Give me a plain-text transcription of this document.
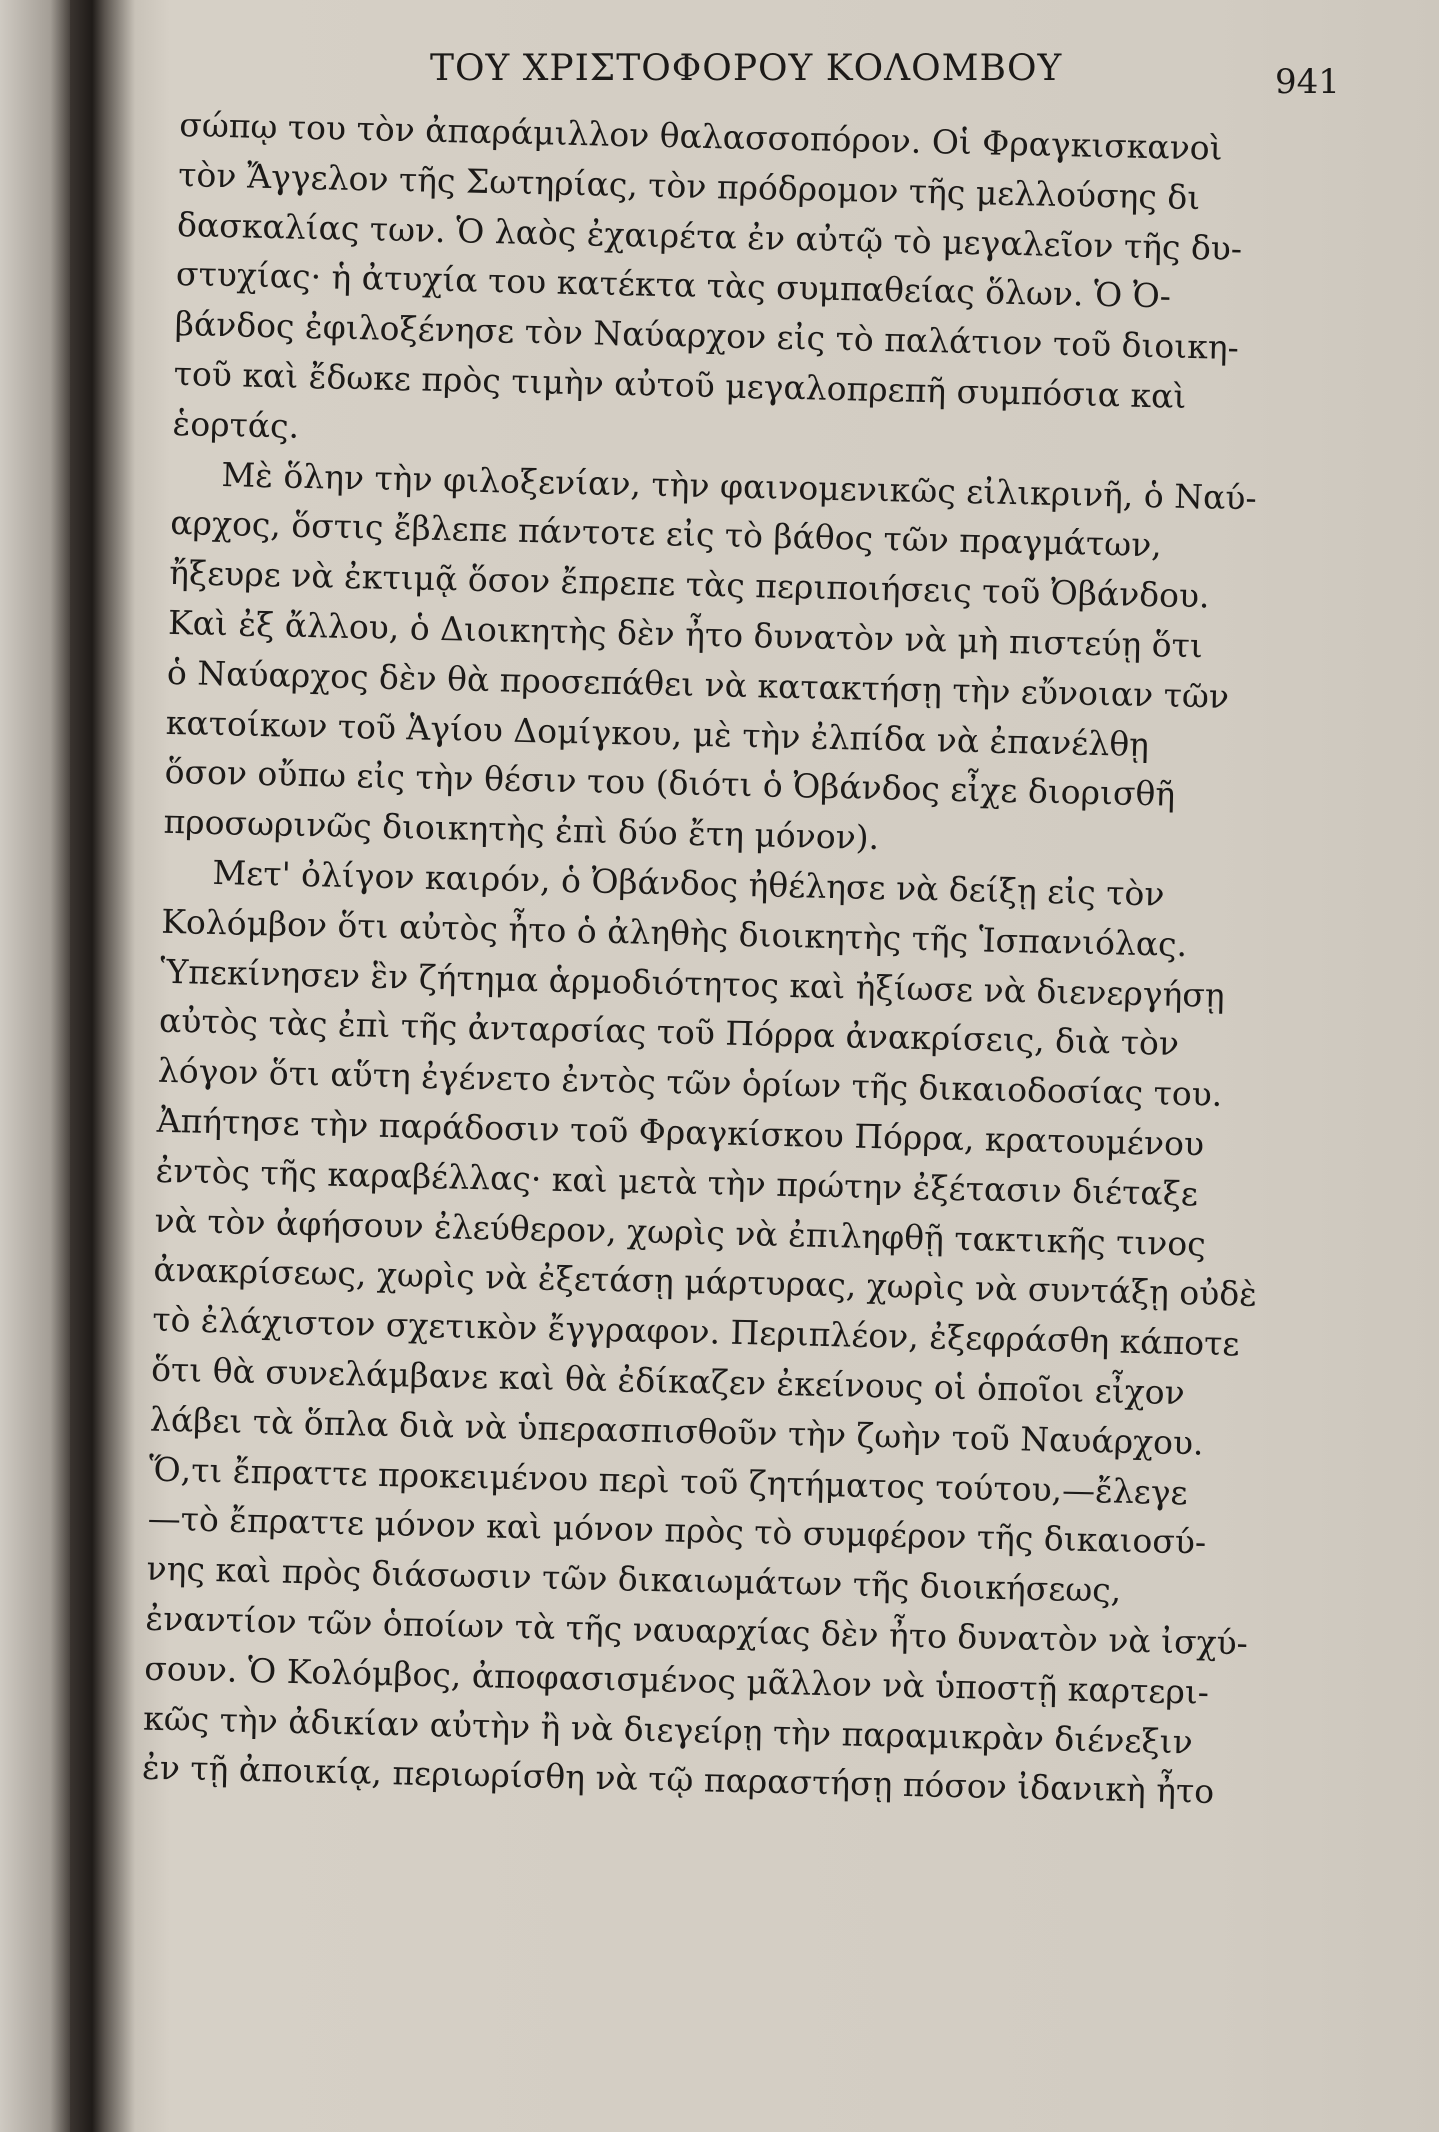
ΤΟΥ ΧΡΙΣΤΟΦΟΡΟΥ ΚΟΛΟΜΒΟΥ	941
σώπῳ του τὸν ἀπαράμιλλον θαλασσοπόρον. Οἱ Φραγκισκανοὶ
τὸν Ἄγγελον τῆς Σωτηρίας, τὸν πρόδρομον τῆς μελλούσης δι
δασκαλίας των. Ὁ λαὸς ἐχαιρέτα ἐν αὐτῷ τὸ μεγαλεῖον τῆς δυ-
στυχίας· ἡ ἀτυχία του κατέκτα τὰς συμπαθείας ὅλων. Ὁ Ὀ-
βάνδος ἐφιλοξένησε τὸν Ναύαρχον εἰς τὸ παλάτιον τοῦ διοικη-
τοῦ καὶ ἔδωκε πρὸς τιμὴν αὐτοῦ μεγαλοπρεπῆ συμπόσια καὶ
ἑορτάς.
Μὲ ὅλην τὴν φιλοξενίαν, τὴν φαινομενικῶς εἰλικρινῆ, ὁ Ναύ-
αρχος, ὅστις ἔβλεπε πάντοτε εἰς τὸ βάθος τῶν πραγμάτων,
ἤξευρε νὰ ἐκτιμᾷ ὅσον ἔπρεπε τὰς περιποιήσεις τοῦ Ὀβάνδου.
Καὶ ἐξ ἄλλου, ὁ Διοικητὴς δὲν ἦτο δυνατὸν νὰ μὴ πιστεύῃ ὅτι
ὁ Ναύαρχος δὲν θὰ προσεπάθει νὰ κατακτήσῃ τὴν εὔνοιαν τῶν
κατοίκων τοῦ Ἁγίου Δομίγκου, μὲ τὴν ἐλπίδα νὰ ἐπανέλθῃ
ὅσον οὔπω εἰς τὴν θέσιν του (διότι ὁ Ὀβάνδος εἶχε διορισθῆ
προσωρινῶς διοικητὴς ἐπὶ δύο ἔτη μόνον).
Μετ' ὀλίγον καιρόν, ὁ Ὀβάνδος ἠθέλησε νὰ δείξῃ εἰς τὸν
Κολόμβον ὅτι αὐτὸς ἦτο ὁ ἀληθὴς διοικητὴς τῆς Ἱσπανιόλας.
Ὑπεκίνησεν ἓν ζήτημα ἁρμοδιότητος καὶ ἠξίωσε νὰ διενεργήσῃ
αὐτὸς τὰς ἐπὶ τῆς ἀνταρσίας τοῦ Πόρρα ἀνακρίσεις, διὰ τὸν
λόγον ὅτι αὕτη ἐγένετο ἐντὸς τῶν ὁρίων τῆς δικαιοδοσίας του.
Ἀπήτησε τὴν παράδοσιν τοῦ Φραγκίσκου Πόρρα, κρατουμένου
ἐντὸς τῆς καραβέλλας· καὶ μετὰ τὴν πρώτην ἐξέτασιν διέταξε
νὰ τὸν ἀφήσουν ἐλεύθερον, χωρὶς νὰ ἐπιληφθῇ τακτικῆς τινος
ἀνακρίσεως, χωρὶς νὰ ἐξετάσῃ μάρτυρας, χωρὶς νὰ συντάξῃ οὐδὲ
τὸ ἐλάχιστον σχετικὸν ἔγγραφον. Περιπλέον, ἐξεφράσθη κάποτε
ὅτι θὰ συνελάμβανε καὶ θὰ ἐδίκαζεν ἐκείνους οἱ ὁποῖοι εἶχον
λάβει τὰ ὅπλα διὰ νὰ ὑπερασπισθοῦν τὴν ζωὴν τοῦ Ναυάρχου.
Ὅ,τι ἔπραττε προκειμένου περὶ τοῦ ζητήματος τούτου,—ἔλεγε
—τὸ ἔπραττε μόνον καὶ μόνον πρὸς τὸ συμφέρον τῆς δικαιοσύ-
νης καὶ πρὸς διάσωσιν τῶν δικαιωμάτων τῆς διοικήσεως,
ἐναντίον τῶν ὁποίων τὰ τῆς ναυαρχίας δὲν ἦτο δυνατὸν νὰ ἰσχύ-
σουν. Ὁ Κολόμβος, ἀποφασισμένος μᾶλλον νὰ ὑποστῇ καρτερι-
κῶς τὴν ἀδικίαν αὐτὴν ἢ νὰ διεγείρῃ τὴν παραμικρὰν διένεξιν
ἐν τῇ ἀποικίᾳ, περιωρίσθη νὰ τῷ παραστήσῃ πόσον ἰδανικὴ ἦτο
